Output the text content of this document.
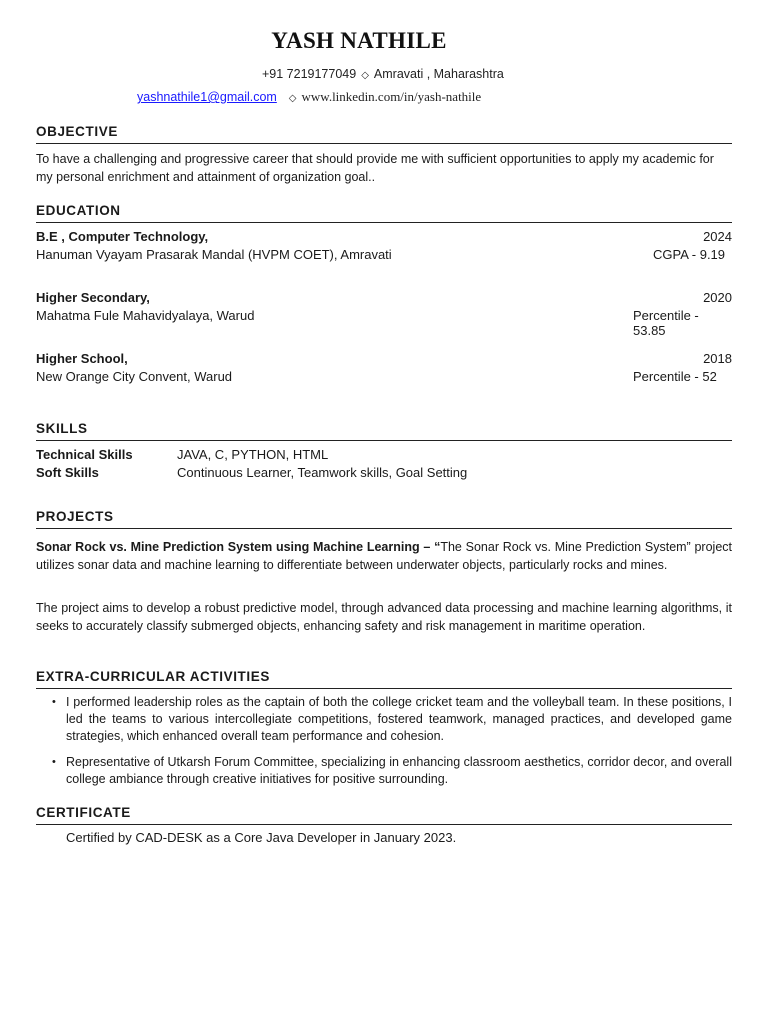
YASH NATHILE
+91 7219177049 ◇ Amravati , Maharashtra
yashnathile1@gmail.com ◇ www.linkedin.com/in/yash-nathile
OBJECTIVE
To have a challenging and progressive career that should provide me with sufficient opportunities to apply my academic for my personal enrichment and attainment of organization goal..
EDUCATION
B.E , Computer Technology,	2024
Hanuman Vyayam Prasarak Mandal (HVPM COET), Amravati	CGPA - 9.19
Higher Secondary,	2020
Mahatma Fule Mahavidyalaya, Warud	Percentile - 53.85
Higher School,	2018
New Orange City Convent, Warud	Percentile - 52
SKILLS
Technical Skills	JAVA, C, PYTHON, HTML
Soft Skills	Continuous Learner, Teamwork skills, Goal Setting
PROJECTS
Sonar Rock vs. Mine Prediction System using Machine Learning – “The Sonar Rock vs. Mine Prediction System” project utilizes sonar data and machine learning to differentiate between underwater objects, particularly rocks and mines.
The project aims to develop a robust predictive model, through advanced data processing and machine learning algorithms, it seeks to accurately classify submerged objects, enhancing safety and risk management in maritime operation.
EXTRA-CURRICULAR ACTIVITIES
• I performed leadership roles as the captain of both the college cricket team and the volleyball team. In these positions, I led the teams to various intercollegiate competitions, fostered teamwork, managed practices, and developed game strategies, which enhanced overall team performance and cohesion.
• Representative of Utkarsh Forum Committee, specializing in enhancing classroom aesthetics, corridor decor, and overall college ambiance through creative initiatives for positive surrounding.
CERTIFICATE
Certified by CAD-DESK as a Core Java Developer in January 2023.
